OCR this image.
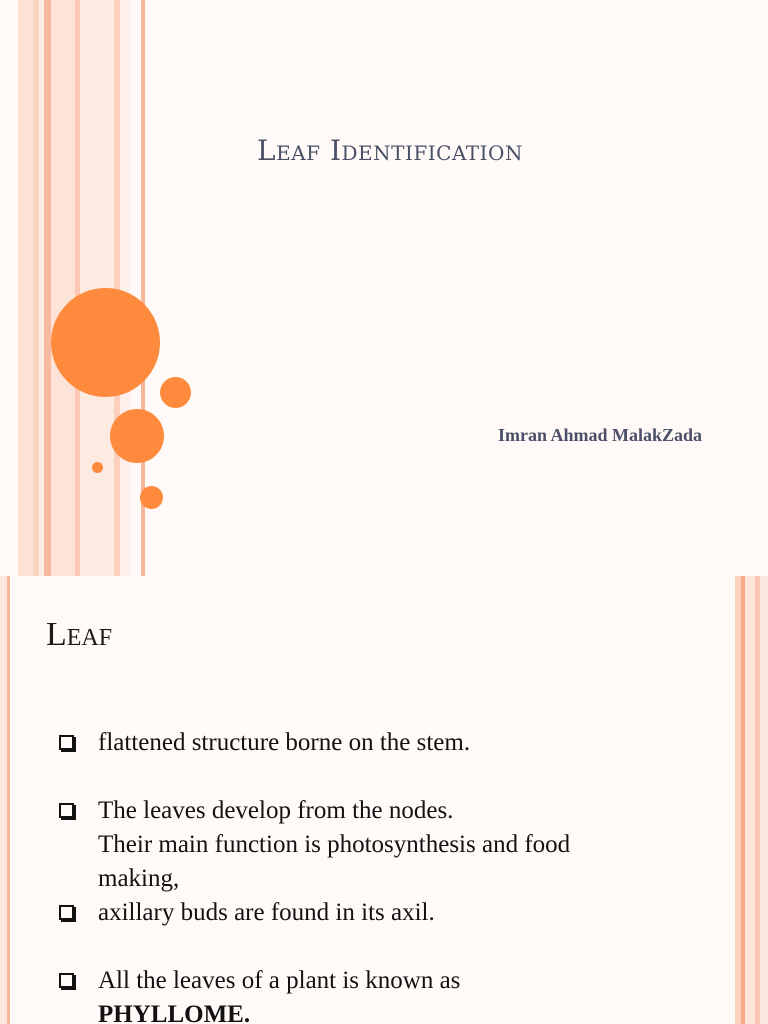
Leaf Identification
Imran Ahmad MalakZada
Leaf
flattened structure borne on the stem.
The leaves develop from the nodes.
Their main function is photosynthesis and food
making,
axillary buds are found in its axil.
All the leaves of a plant is known as
PHYLLOME.
